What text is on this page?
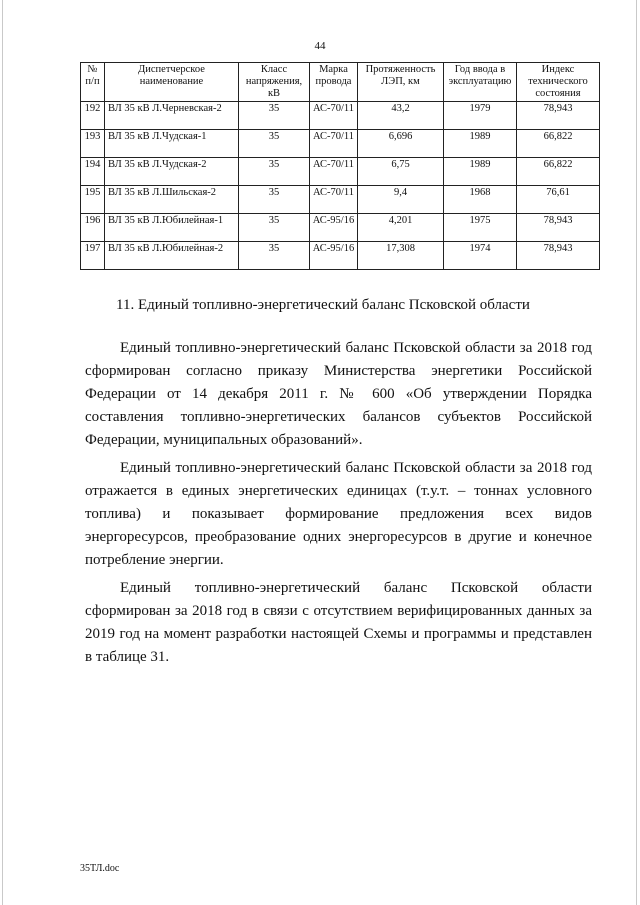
44
№ п/п	Диспетчерское наименование	Класс напряжения, кВ	Марка провода	Протяженность ЛЭП, км	Год ввода в эксплуатацию	Индекс технического состояния
192	ВЛ 35 кВ Л.Черневская-2	35	АС-70/11	43,2	1979	78,943
193	ВЛ 35 кВ Л.Чудская-1	35	АС-70/11	6,696	1989	66,822
194	ВЛ 35 кВ Л.Чудская-2	35	АС-70/11	6,75	1989	66,822
195	ВЛ 35 кВ Л.Шильская-2	35	АС-70/11	9,4	1968	76,61
196	ВЛ 35 кВ Л.Юбилейная-1	35	АС-95/16	4,201	1975	78,943
197	ВЛ 35 кВ Л.Юбилейная-2	35	АС-95/16	17,308	1974	78,943
11. Единый топливно-энергетический баланс Псковской области

Единый топливно-энергетический баланс Псковской области за 2018 год сформирован согласно приказу Министерства энергетики Российской Федерации от 14 декабря 2011 г. № 600 «Об утверждении Порядка составления топливно-энергетических балансов субъектов Российской Федерации, муниципальных образований».

Единый топливно-энергетический баланс Псковской области за 2018 год отражается в единых энергетических единицах (т.у.т. – тоннах условного топлива) и показывает формирование предложения всех видов энергоресурсов, преобразование одних энергоресурсов в другие и конечное потребление энергии.

Единый топливно-энергетический баланс Псковской области сформирован за 2018 год в связи с отсутствием верифицированных данных за 2019 год на момент разработки настоящей Схемы и программы и представлен в таблице 31.

35ТЛ.doc
